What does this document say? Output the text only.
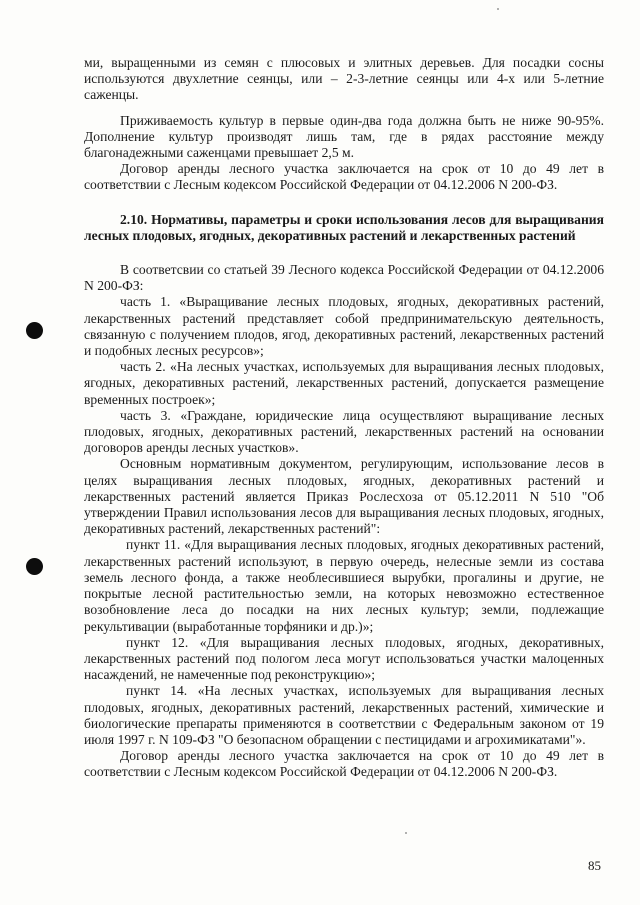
ми, выращенными из семян с плюсовых и элитных деревьев. Для посадки сосны используются двухлетние сеянцы, или – 2-3-летние сеянцы или 4-х или 5-летние саженцы.

Приживаемость культур в первые один-два года должна быть не ниже 90-95%. Дополнение культур производят лишь там, где в рядах расстояние между благонадежными саженцами превышает 2,5 м.

Договор аренды лесного участка заключается на срок от 10 до 49 лет в соответствии с Лесным кодексом Российской Федерации от 04.12.2006 N 200-ФЗ.

2.10. Нормативы, параметры и сроки использования лесов для выращивания лесных плодовых, ягодных, декоративных растений и лекарственных растений

В соответсвии со статьей 39 Лесного кодекса Российской Федерации от 04.12.2006 N 200-ФЗ:

часть 1. «Выращивание лесных плодовых, ягодных, декоративных растений, лекарственных растений представляет собой предпринимательскую деятельность, связанную с получением плодов, ягод, декоративных растений, лекарственных растений и подобных лесных ресурсов»;

часть 2. «На лесных участках, используемых для выращивания лесных плодовых, ягодных, декоративных растений, лекарственных растений, допускается размещение временных построек»;

часть 3. «Граждане, юридические лица осуществляют выращивание лесных плодовых, ягодных, декоративных растений, лекарственных растений на основании договоров аренды лесных участков».

Основным нормативным документом, регулирующим, использование лесов в целях выращивания лесных плодовых, ягодных, декоративных растений и лекарственных растений является Приказ Рослесхоза от 05.12.2011 N 510 "Об утверждении Правил использования лесов для выращивания лесных плодовых, ягодных, декоративных растений, лекарственных растений":

пункт 11. «Для выращивания лесных плодовых, ягодных декоративных растений, лекарственных растений используют, в первую очередь, нелесные земли из состава земель лесного фонда, а также необлесившиеся вырубки, прогалины и другие, не покрытые лесной растительностью земли, на которых невозможно естественное возобновление леса до посадки на них лесных культур; земли, подлежащие рекультивации (выработанные торфяники и др.)»;

пункт 12. «Для выращивания лесных плодовых, ягодных, декоративных, лекарственных растений под пологом леса могут использоваться участки малоценных насаждений, не намеченные под реконструкцию»;

пункт 14. «На лесных участках, используемых для выращивания лесных плодовых, ягодных, декоративных растений, лекарственных растений, химические и биологические препараты применяются в соответствии с Федеральным законом от 19 июля 1997 г. N 109-ФЗ "О безопасном обращении с пестицидами и агрохимикатами"».

Договор аренды лесного участка заключается на срок от 10 до 49 лет в соответствии с Лесным кодексом Российской Федерации от 04.12.2006 N 200-ФЗ.

85
